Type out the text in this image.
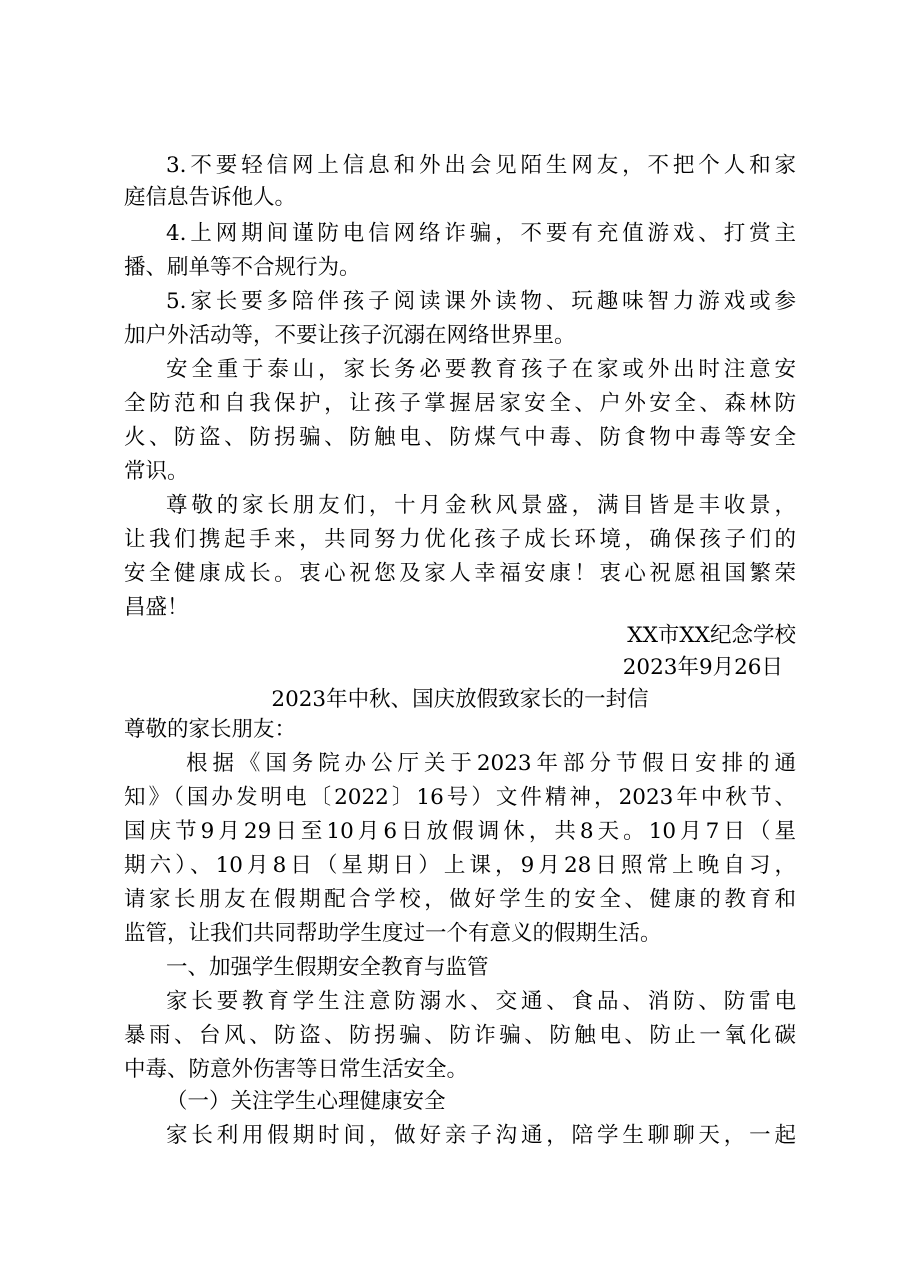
3.不要轻信网上信息和外出会见陌生网友，不把个人和家
庭信息告诉他人。
4.上网期间谨防电信网络诈骗，不要有充值游戏、打赏主
播、刷单等不合规行为。
5.家长要多陪伴孩子阅读课外读物、玩趣味智力游戏或参
加户外活动等，不要让孩子沉溺在网络世界里。
安全重于泰山，家长务必要教育孩子在家或外出时注意安
全防范和自我保护，让孩子掌握居家安全、户外安全、森林防
火、防盗、防拐骗、防触电、防煤气中毒、防食物中毒等安全
常识。
尊敬的家长朋友们，十月金秋风景盛，满目皆是丰收景，
让我们携起手来，共同努力优化孩子成长环境，确保孩子们的
安全健康成长。衷心祝您及家人幸福安康！衷心祝愿祖国繁荣
昌盛！
XX市XX纪念学校
2023年9月26日
2023年中秋、国庆放假致家长的一封信
尊敬的家长朋友：
根据《国务院办公厅关于2023年部分节假日安排的通
知》（国办发明电〔2022〕16号）文件精神，2023年中秋节、
国庆节9月29日至10月6日放假调休，共8天。10月7日（星
期六）、10月8日（星期日）上课，9月28日照常上晚自习，
请家长朋友在假期配合学校，做好学生的安全、健康的教育和
监管，让我们共同帮助学生度过一个有意义的假期生活。
一、加强学生假期安全教育与监管
家长要教育学生注意防溺水、交通、食品、消防、防雷电
暴雨、台风、防盗、防拐骗、防诈骗、防触电、防止一氧化碳
中毒、防意外伤害等日常生活安全。
（一）关注学生心理健康安全
家长利用假期时间，做好亲子沟通，陪学生聊聊天，一起
